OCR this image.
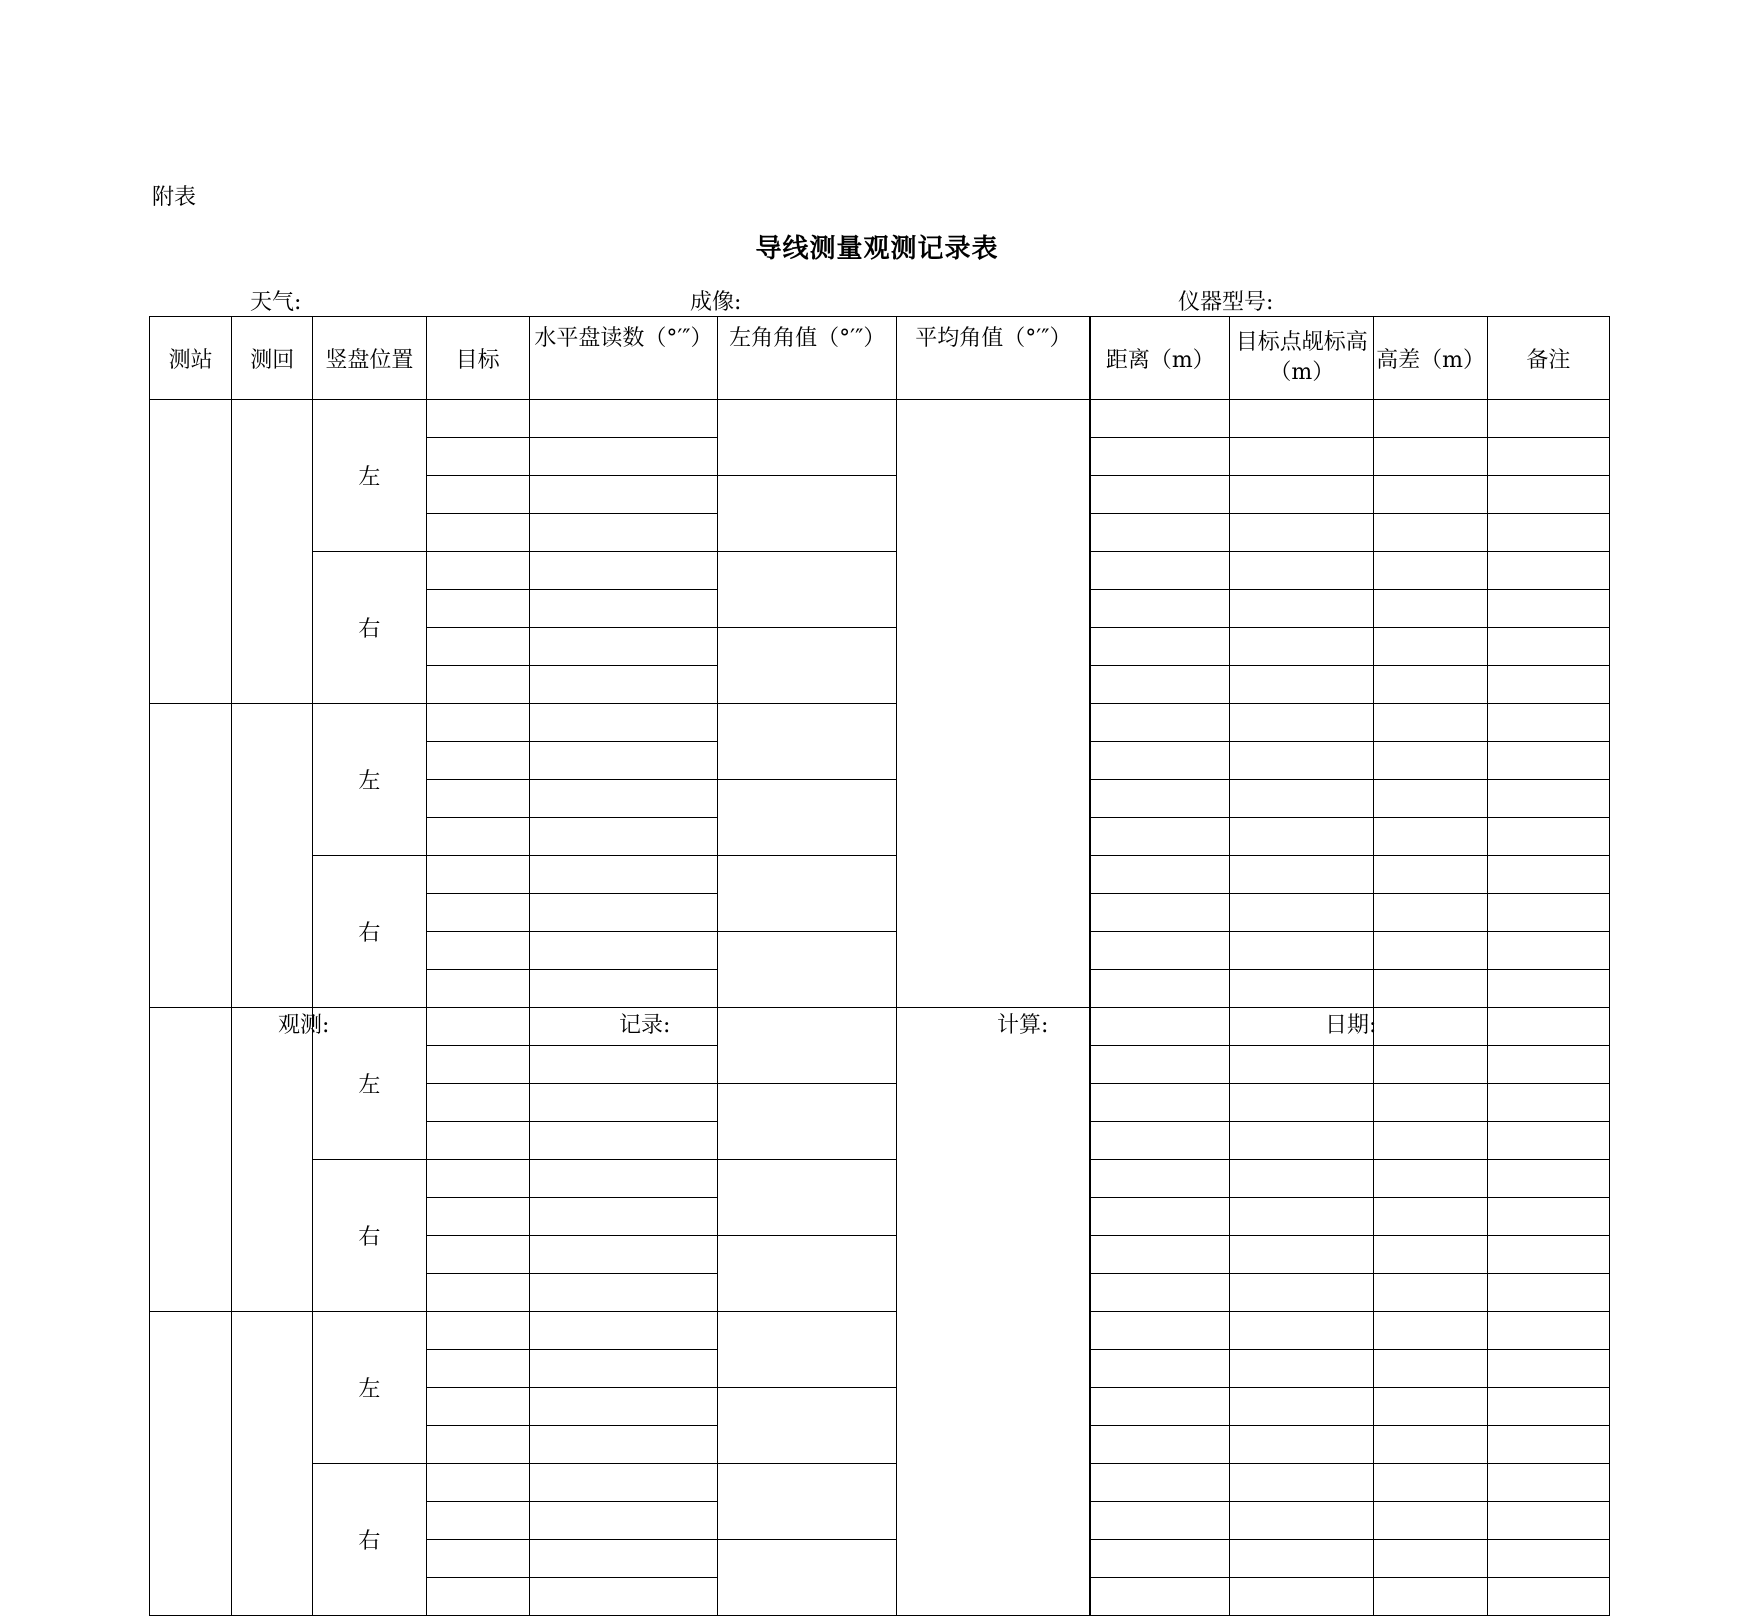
附表
导线测量观测记录表
天气:	成像:	仪器型号:
测站	测回	竖盘位置	目标	水平盘读数（°′″）	左角角值（°′″）	平均角值（°′″）	距离（m）	目标点觇标高（m）	高差（m）	备注
		左								

		右								

		左								

		右								

		左								

		右								

		左								

		右								

观测:	记录:	计算:	日期:
